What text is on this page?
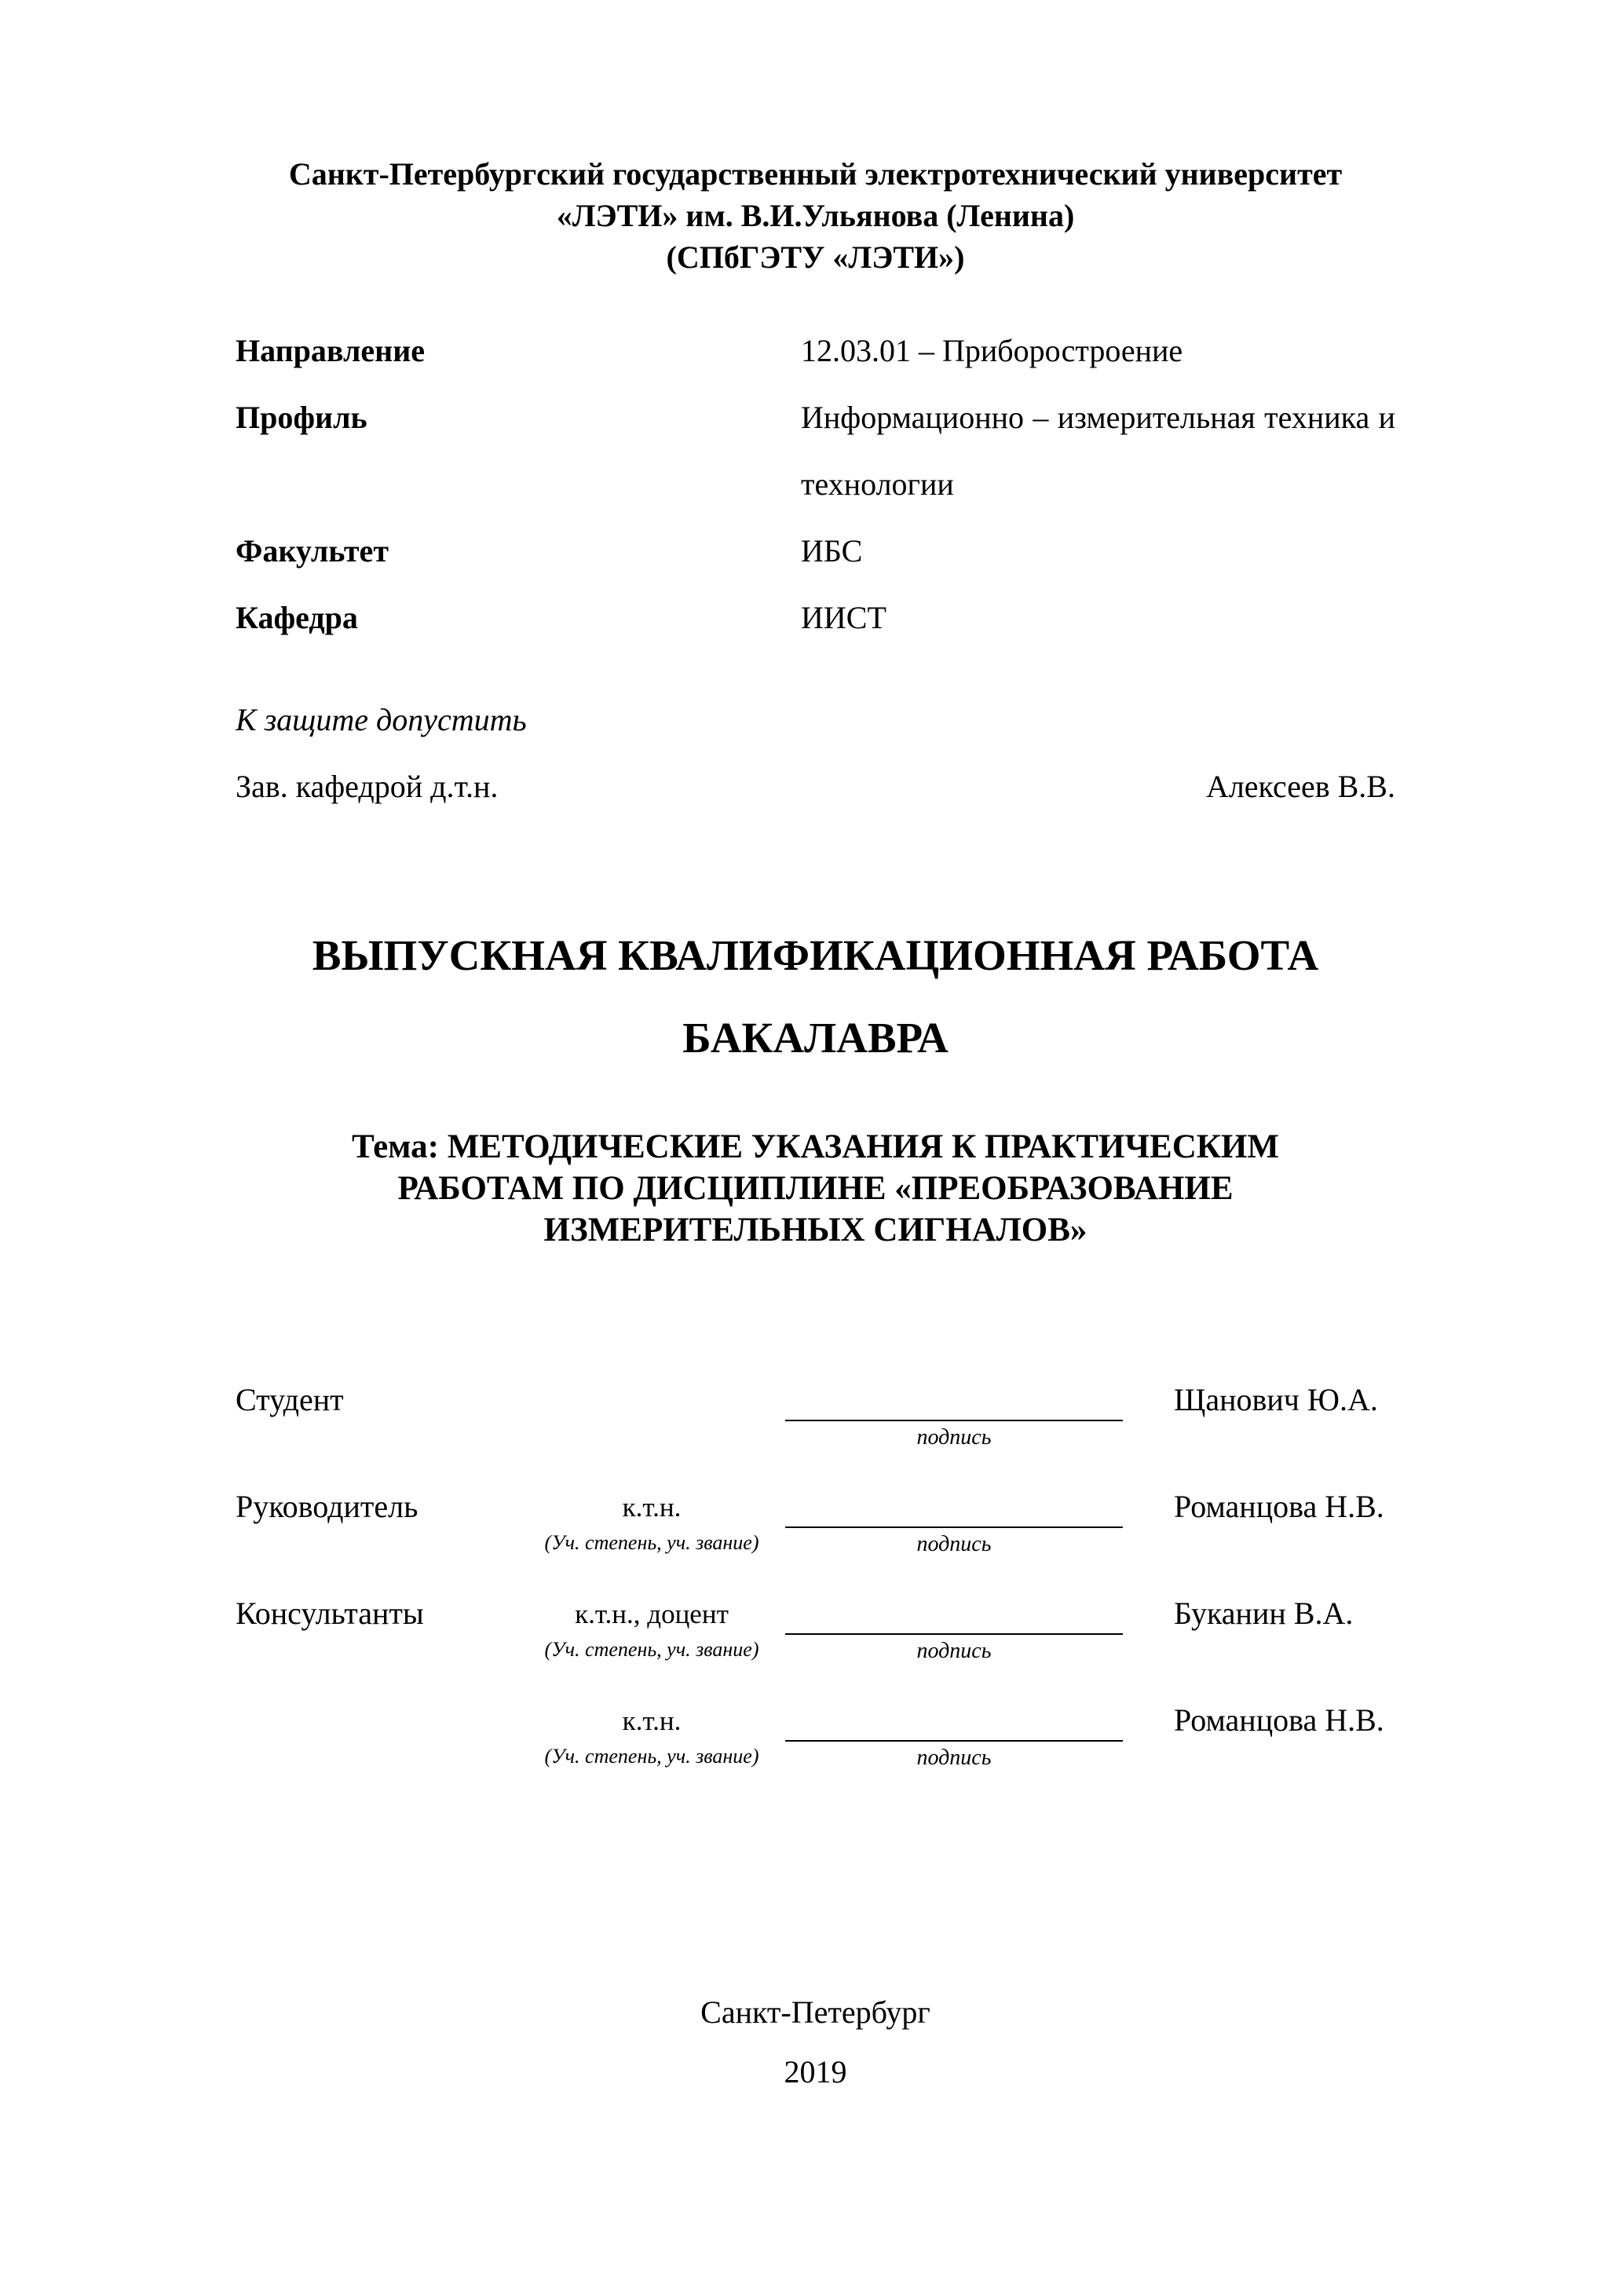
Санкт-Петербургский государственный электротехнический университет
«ЛЭТИ» им. В.И.Ульянова (Ленина)
(СПбГЭТУ «ЛЭТИ»)
Направление	12.03.01 – Приборостроение
Профиль	Информационно – измерительная техника и технологии
Факультет	ИБС
Кафедра	ИИСТ
К защите допустить
Зав. кафедрой д.т.н.	Алексеев В.В.
ВЫПУСКНАЯ КВАЛИФИКАЦИОННАЯ РАБОТА
БАКАЛАВРА
Тема: МЕТОДИЧЕСКИЕ УКАЗАНИЯ К ПРАКТИЧЕСКИМ
РАБОТАМ ПО ДИСЦИПЛИНЕ «ПРЕОБРАЗОВАНИЕ
ИЗМЕРИТЕЛЬНЫХ СИГНАЛОВ»
Студент	Щанович Ю.А.
подпись
Руководитель	к.т.н.	Романцова Н.В.
(Уч. степень, уч. звание)	подпись
Консультанты	к.т.н., доцент	Буканин В.А.
(Уч. степень, уч. звание)	подпись
к.т.н.	Романцова Н.В.
(Уч. степень, уч. звание)	подпись
Санкт-Петербург
2019
